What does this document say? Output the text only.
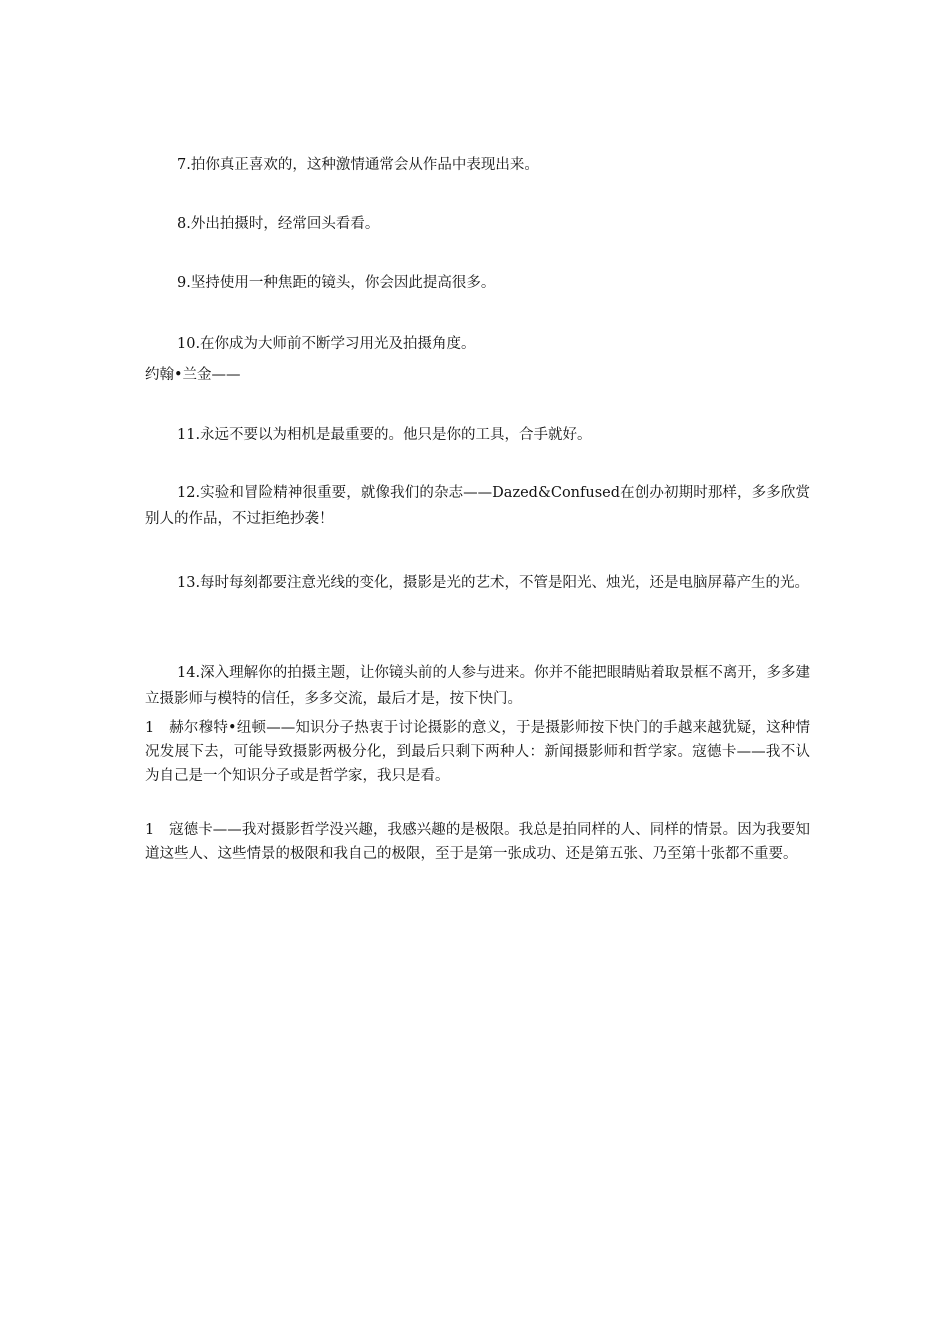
7.拍你真正喜欢的，这种激情通常会从作品中表现出来。
8.外出拍摄时，经常回头看看。
9.坚持使用一种焦距的镜头，你会因此提高很多。
10.在你成为大师前不断学习用光及拍摄角度。
约翰•兰金——
11.永远不要以为相机是最重要的。他只是你的工具，合手就好。
12.实验和冒险精神很重要，就像我们的杂志——Dazed&Confused在创办初期时那样，多多欣赏别人的作品，不过拒绝抄袭！
13.每时每刻都要注意光线的变化，摄影是光的艺术，不管是阳光、烛光，还是电脑屏幕产生的光。
14.深入理解你的拍摄主题，让你镜头前的人参与进来。你并不能把眼睛贴着取景框不离开，多多建立摄影师与模特的信任，多多交流，最后才是，按下快门。
1 赫尔穆特•纽顿——知识分子热衷于讨论摄影的意义，于是摄影师按下快门的手越来越犹疑，这种情况发展下去，可能导致摄影两极分化，到最后只剩下两种人：新闻摄影师和哲学家。寇德卡——我不认为自己是一个知识分子或是哲学家，我只是看。
1 寇德卡——我对摄影哲学没兴趣，我感兴趣的是极限。我总是拍同样的人、同样的情景。因为我要知道这些人、这些情景的极限和我自己的极限，至于是第一张成功、还是第五张、乃至第十张都不重要。
